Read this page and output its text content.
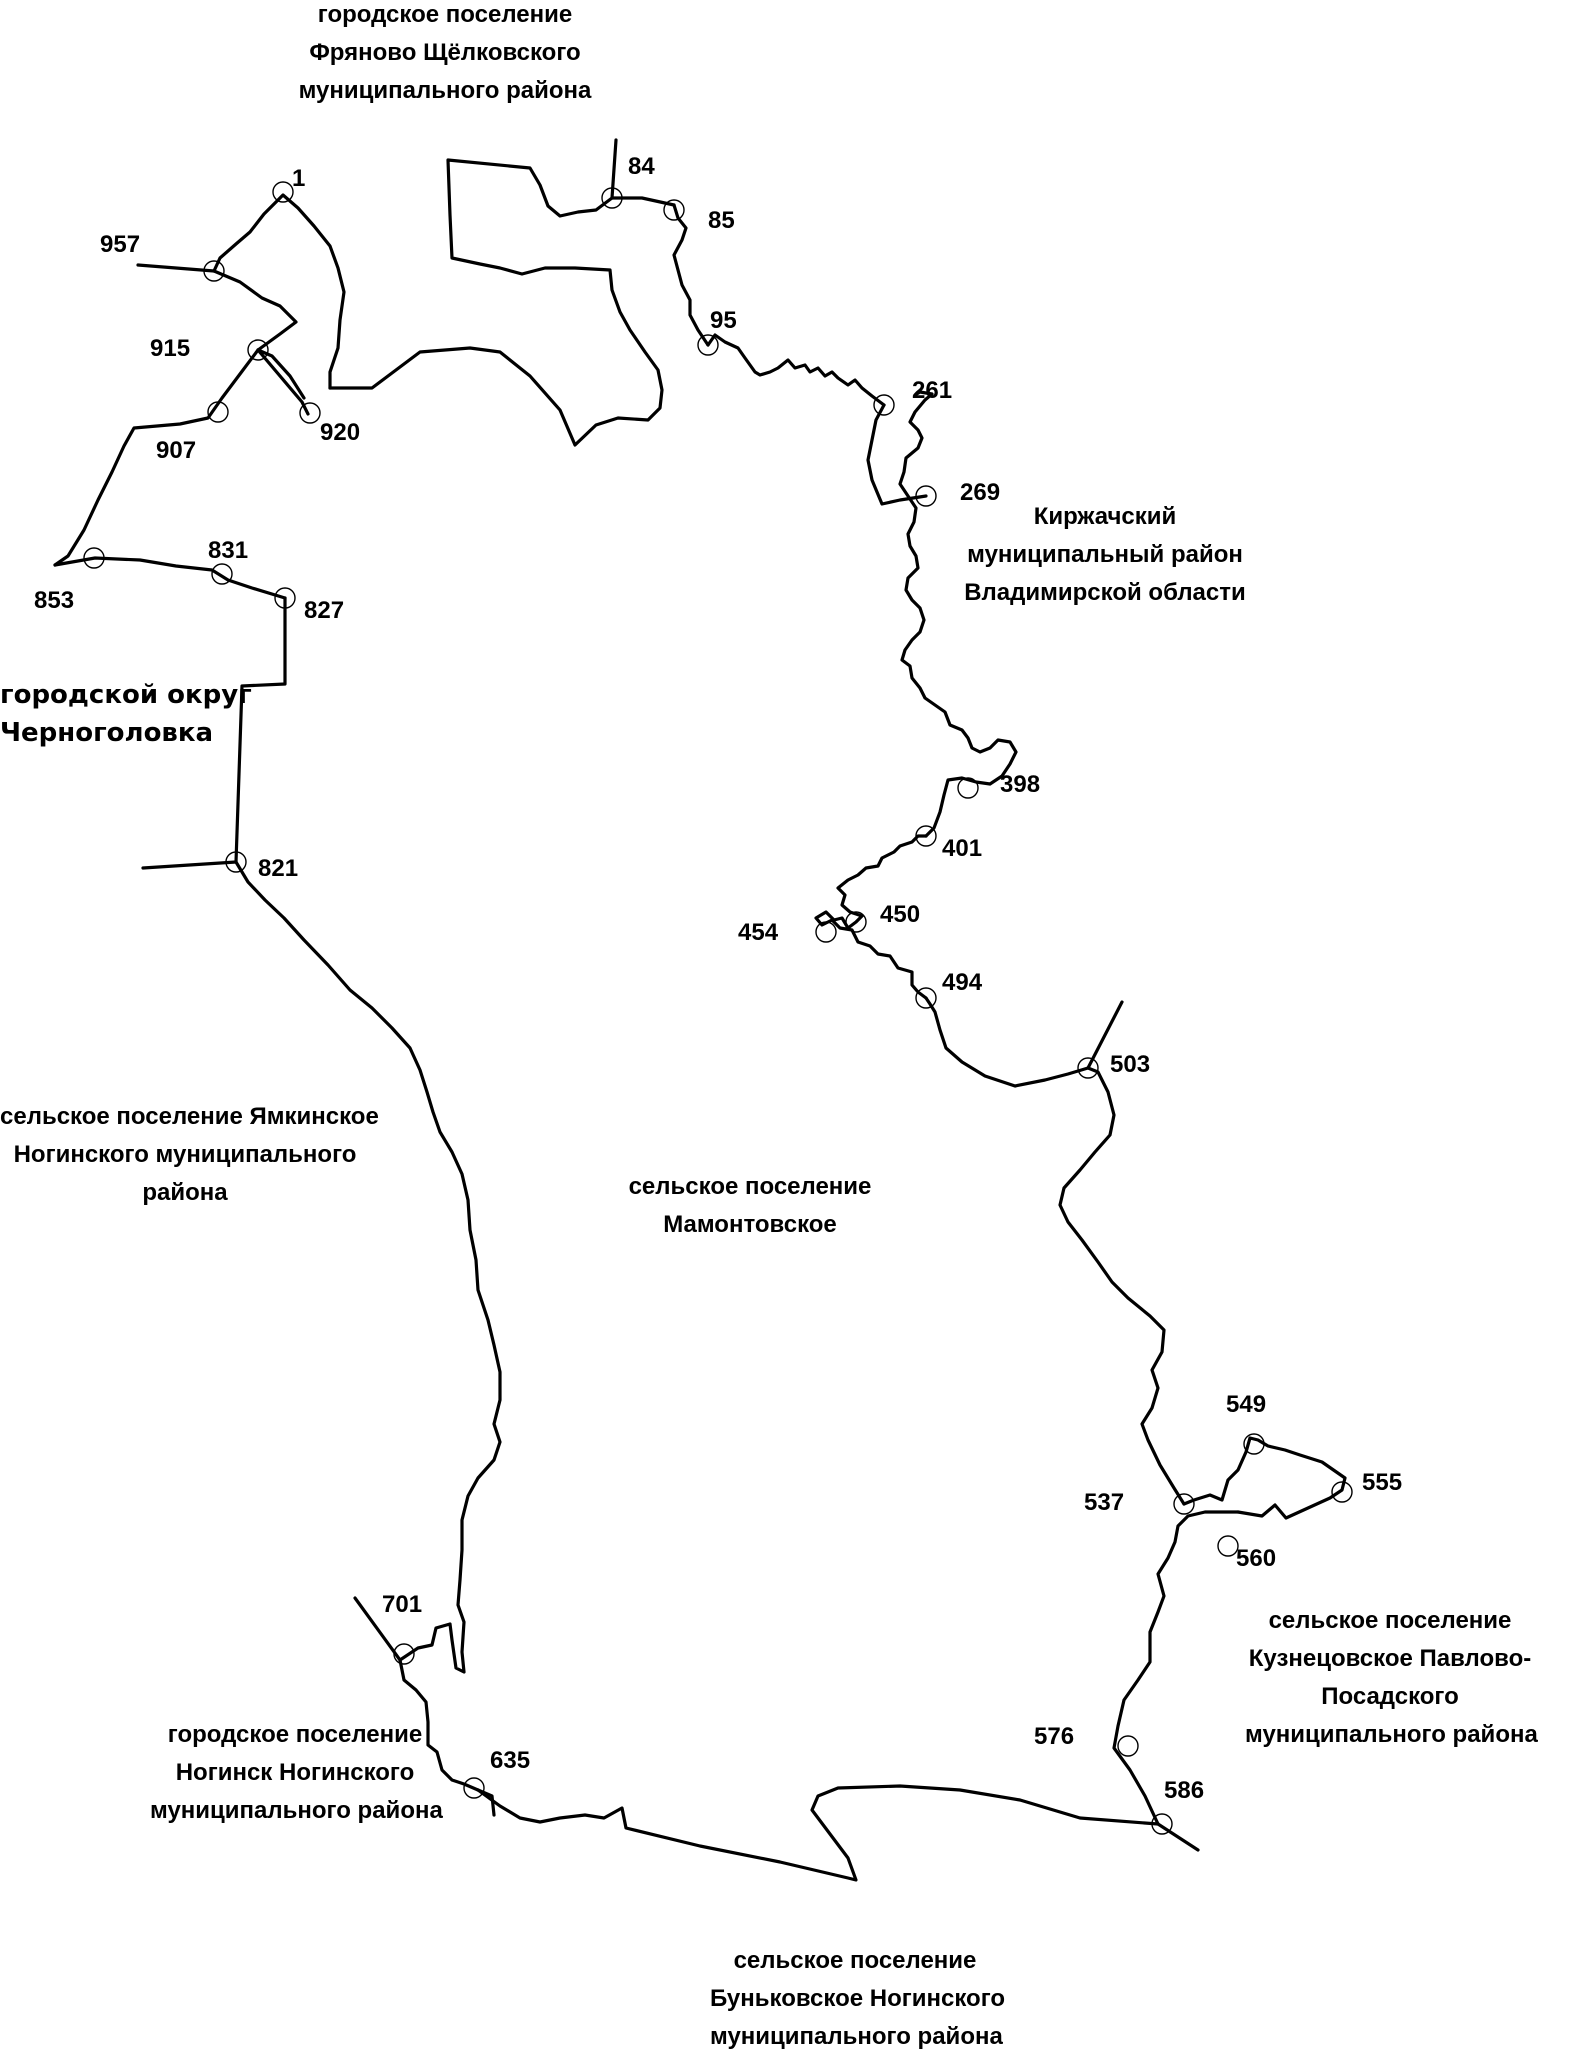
1
957
915
907
920
853
831
827
821
84
85
95
261
269
398
401
450
454
494
503
549
555
537
560
576
586
701
635
городское поселение
Фряново Щёлковского
муниципального района
Киржачский
муниципальный район
Владимирской области
городской округ
Черноголовка
сельское поселение Ямкинское
Ногинского муниципального
района	сельское поселение
Мамонтовское
сельское поселение
Кузнецовское Павлово-
Посадского
муниципального района
городское поселение
Ногинск Ногинского
муниципального района
сельское поселение
Буньковское Ногинского
муниципального района
